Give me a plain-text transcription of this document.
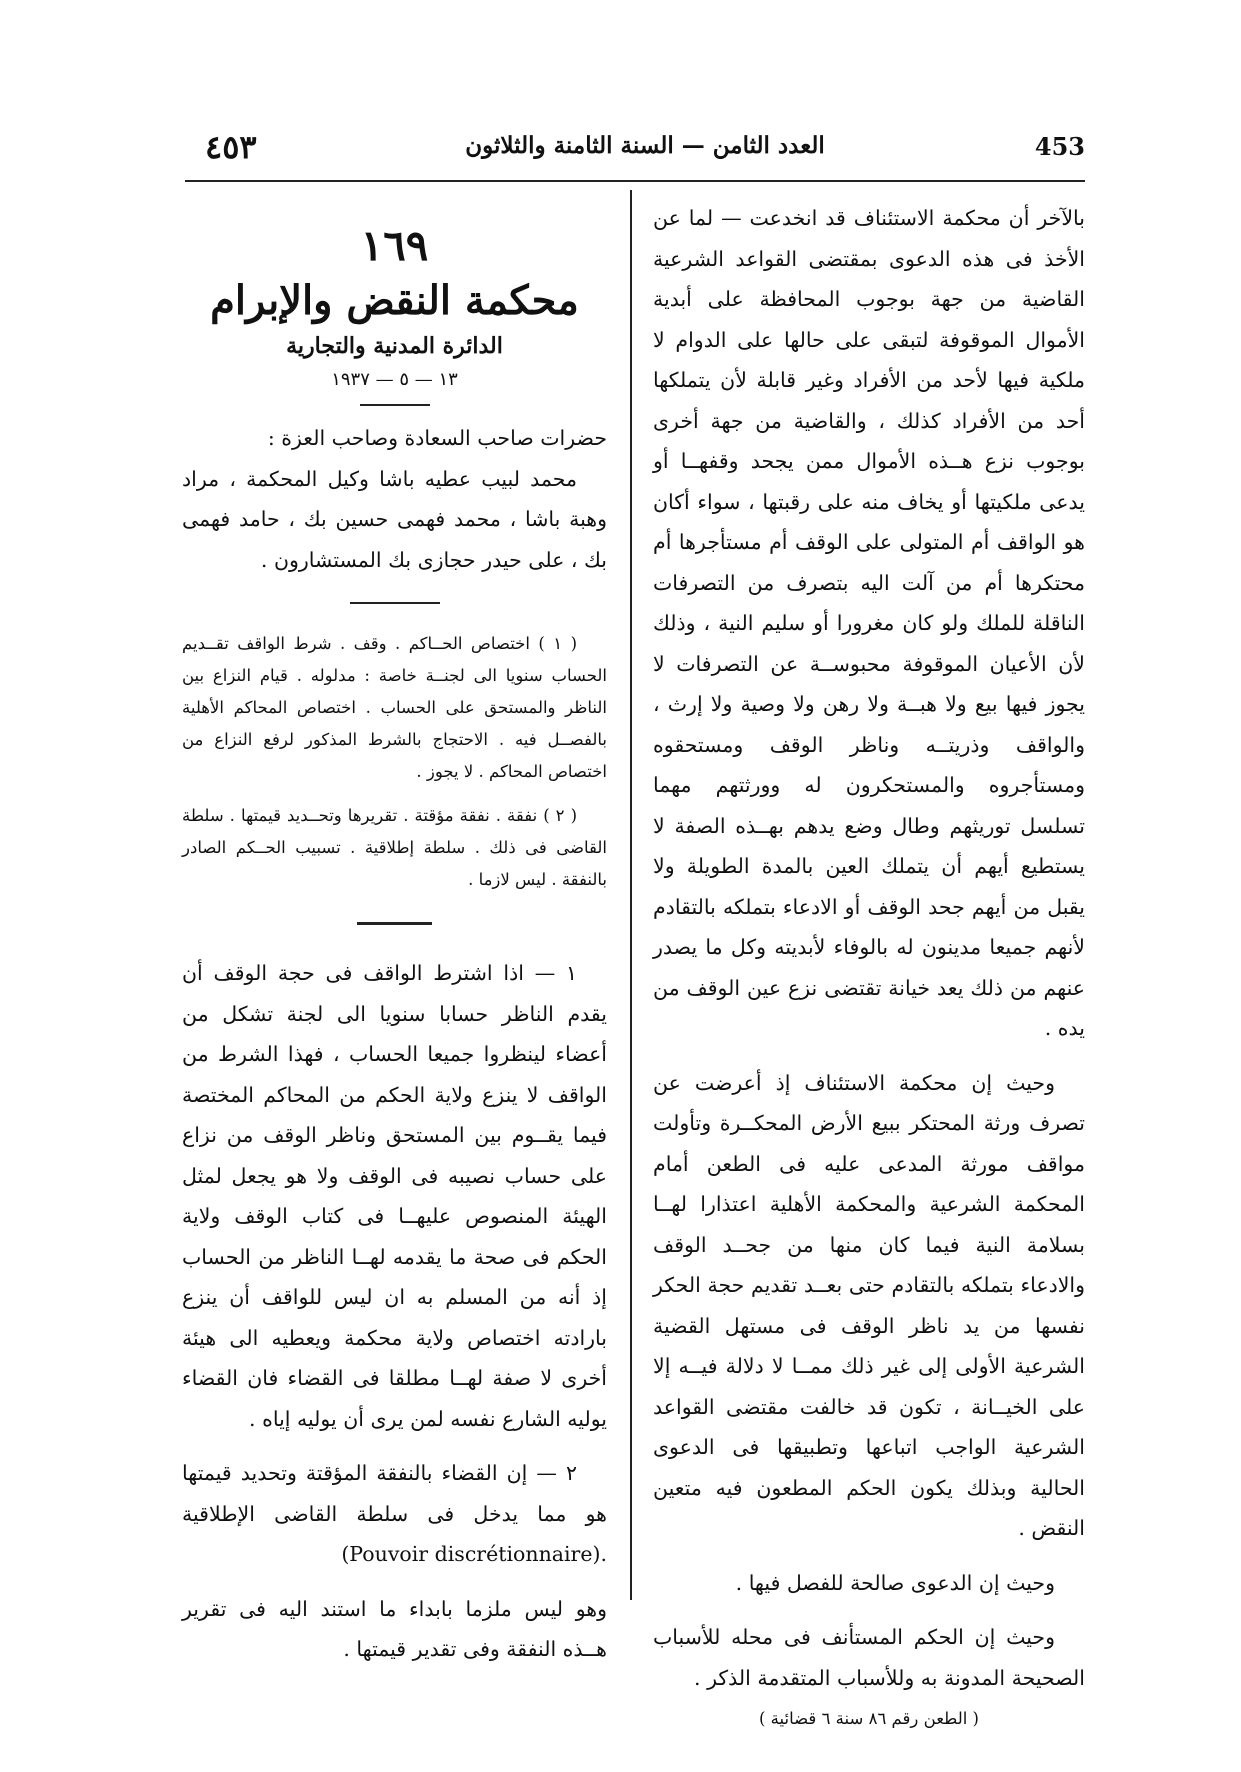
٤٥٣	العدد الثامن — السنة الثامنة والثلاثون	453

بالآخر أن محكمة الاستئناف قد انخدعت — لما عن الأخذ فى هذه الدعوى بمقتضى القواعد الشرعية القاضية من جهة بوجوب المحافظة على أبدية الأموال الموقوفة لتبقى على حالها على الدوام لا ملكية فيها لأحد من الأفراد وغير قابلة لأن يتملكها أحد من الأفراد كذلك ، والقاضية من جهة أخرى بوجوب نزع هــذه الأموال ممن يجحد وقفهــا أو يدعى ملكيتها أو يخاف منه على رقبتها ، سواء أكان هو الواقف أم المتولى على الوقف أم مستأجرها أم محتكرها أم من آلت اليه بتصرف من التصرفات الناقلة للملك ولو كان مغرورا أو سليم النية ، وذلك لأن الأعيان الموقوفة محبوســة عن التصرفات لا يجوز فيها بيع ولا هبــة ولا رهن ولا وصية ولا إرث ، والواقف وذريتــه وناظر الوقف ومستحقوه ومستأجروه والمستحكرون له وورثتهم مهما تسلسل توريثهم وطال وضع يدهم بهــذه الصفة لا يستطيع أيهم أن يتملك العين بالمدة الطويلة ولا يقبل من أيهم جحد الوقف أو الادعاء بتملكه بالتقادم لأنهم جميعا مدينون له بالوفاء لأبديته وكل ما يصدر عنهم من ذلك يعد خيانة تقتضى نزع عين الوقف من يده .

وحيث إن محكمة الاستئناف إذ أعرضت عن تصرف ورثة المحتكر ببيع الأرض المحكــرة وتأولت مواقف مورثة المدعى عليه فى الطعن أمام المحكمة الشرعية والمحكمة الأهلية اعتذارا لهــا بسلامة النية فيما كان منها من جحــد الوقف والادعاء بتملكه بالتقادم حتى بعــد تقديم حجة الحكر نفسها من يد ناظر الوقف فى مستهل القضية الشرعية الأولى إلى غير ذلك ممــا لا دلالة فيــه إلا على الخيــانة ، تكون قد خالفت مقتضى القواعد الشرعية الواجب اتباعها وتطبيقها فى الدعوى الحالية وبذلك يكون الحكم المطعون فيه متعين النقض .

وحيث إن الدعوى صالحة للفصل فيها .

وحيث إن الحكم المستأنف فى محله للأسباب الصحيحة المدونة به وللأسباب المتقدمة الذكر .

( الطعن رقم ٨٦ سنة ٦ قضائية )
١٦٩
محكمة النقض والإبرام
الدائرة المدنية والتجارية
١٣ — ٥ — ١٩٣٧

حضرات صاحب السعادة وصاحب العزة :

محمد لبيب عطيه باشا وكيل المحكمة ، مراد وهبة باشا ، محمد فهمى حسين بك ، حامد فهمى بك ، على حيدر حجازى بك المستشارون .

( ١ ) اختصاص الحــاكم . وقف . شرط الواقف تقــديم الحساب سنويا الى لجنــة خاصة : مدلوله . قيام النزاع بين الناظر والمستحق على الحساب . اختصاص المحاكم الأهلية بالفصــل فيه . الاحتجاج بالشرط المذكور لرفع النزاع من اختصاص المحاكم . لا يجوز .

( ٢ ) نفقة . نفقة مؤقتة . تقريرها وتحــديد قيمتها . سلطة القاضى فى ذلك . سلطة إطلاقية . تسبيب الحــكم الصادر بالنفقة . ليس لازما .

١ — اذا اشترط الواقف فى حجة الوقف أن يقدم الناظر حسابا سنويا الى لجنة تشكل من أعضاء لينظروا جميعا الحساب ، فهذا الشرط من الواقف لا ينزع ولاية الحكم من المحاكم المختصة فيما يقــوم بين المستحق وناظر الوقف من نزاع على حساب نصيبه فى الوقف ولا هو يجعل لمثل الهيئة المنصوص عليهــا فى كتاب الوقف ولاية الحكم فى صحة ما يقدمه لهــا الناظر من الحساب إذ أنه من المسلم به ان ليس للواقف أن ينزع بارادته اختصاص ولاية محكمة ويعطيه الى هيئة أخرى لا صفة لهــا مطلقا فى القضاء فان القضاء يوليه الشارع نفسه لمن يرى أن يوليه إياه .

٢ — إن القضاء بالنفقة المؤقتة وتحديد قيمتها هو مما يدخل فى سلطة القاضى الإطلاقية (Pouvoir discrétionnaire).

وهو ليس ملزما بابداء ما استند اليه فى تقرير هــذه النفقة وفى تقدير قيمتها .
